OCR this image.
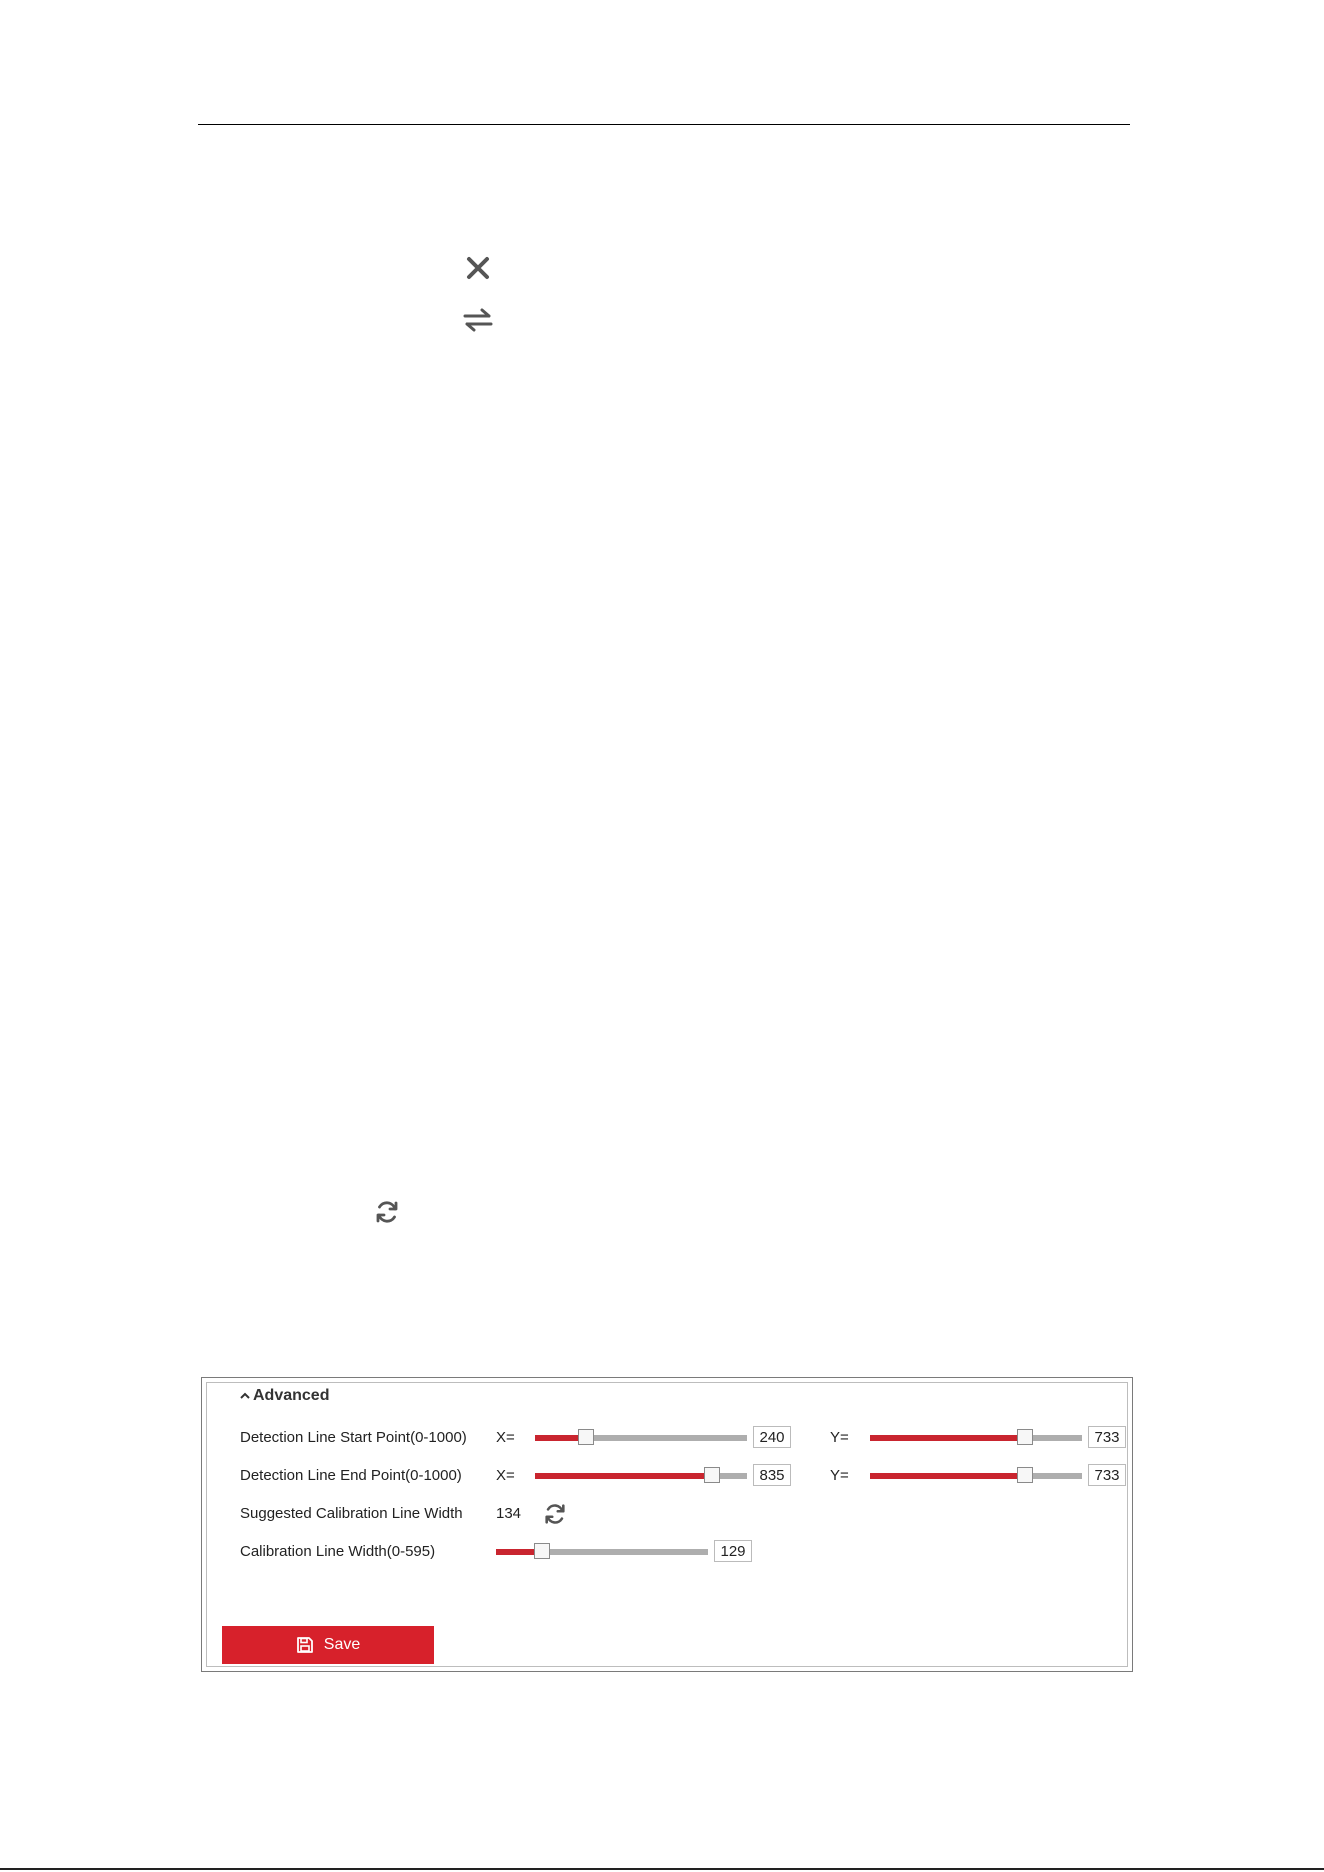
Advanced
Detection Line Start Point(0-1000) X=	240	Y=	733
Detection Line End Point(0-1000) X=	835	Y=	733
Suggested Calibration Line Width 134
Calibration Line Width(0-595)	129
Save
